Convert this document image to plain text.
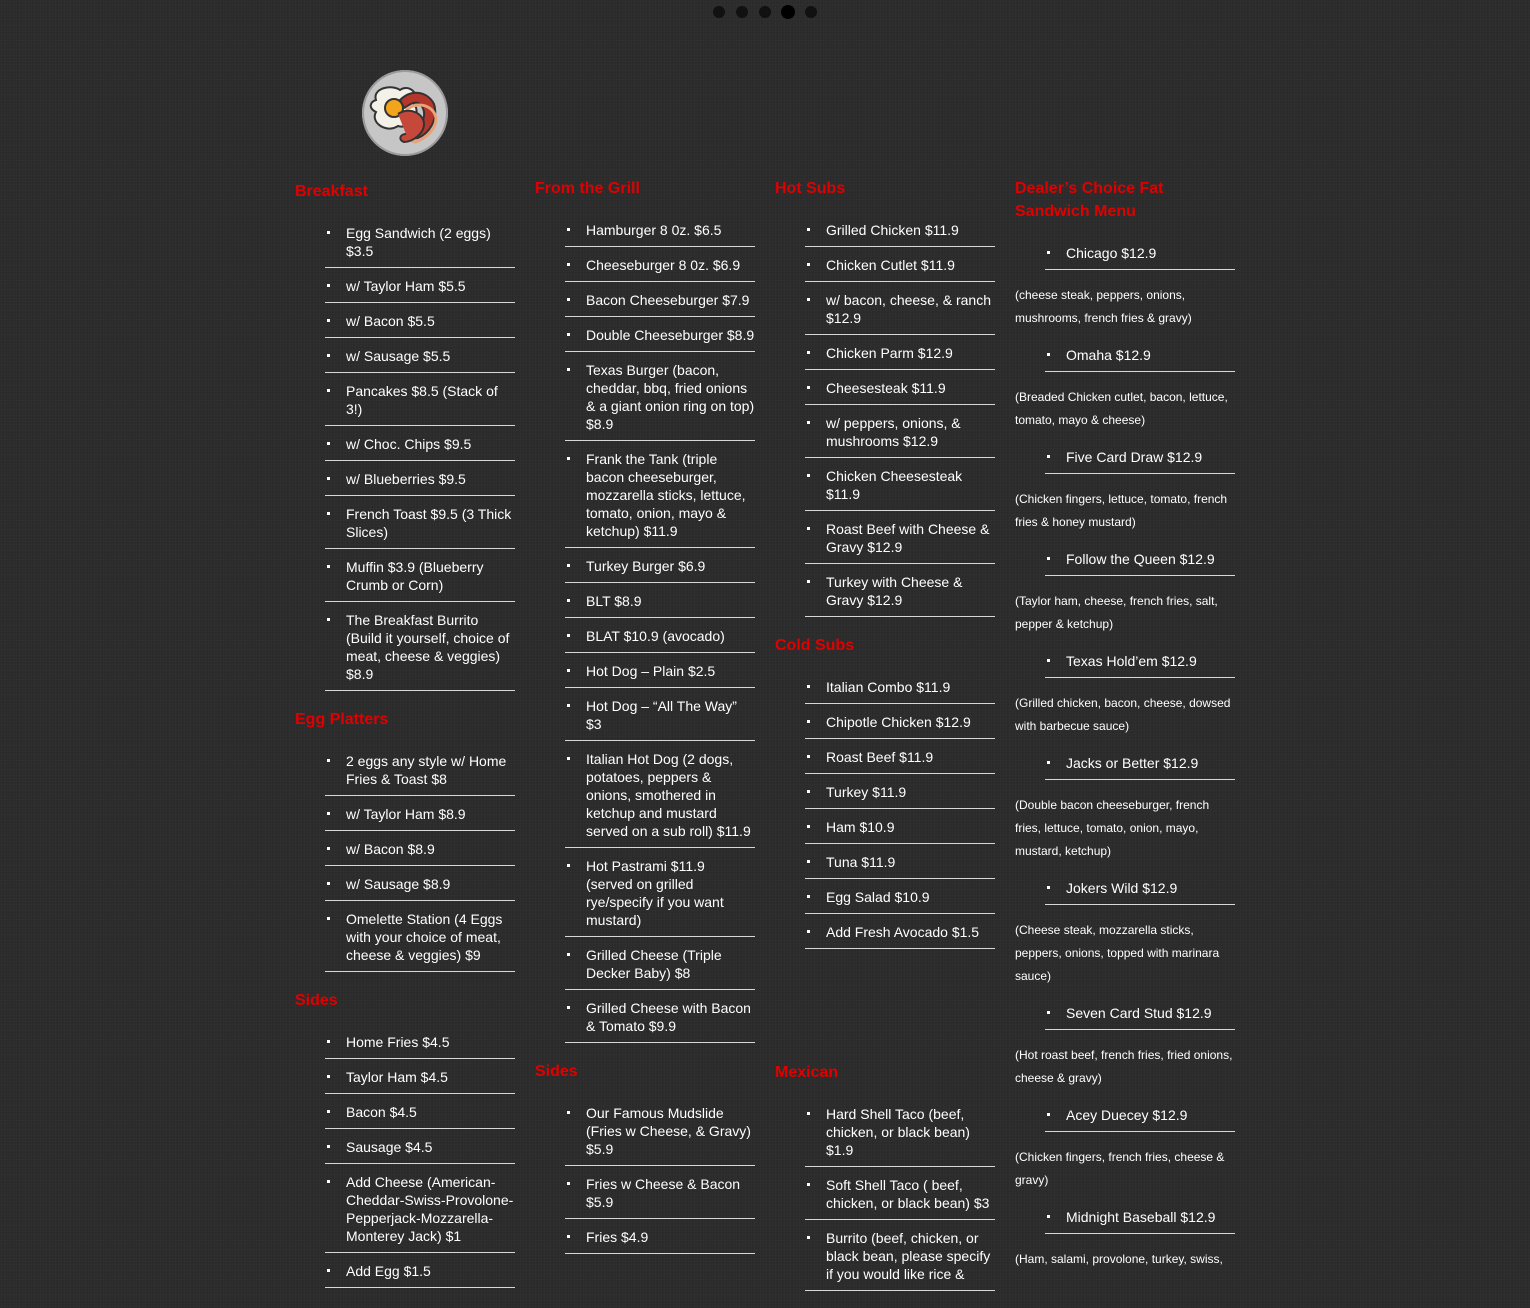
Breakfast
Egg Sandwich (2 eggs) $3.5
w/ Taylor Ham $5.5
w/ Bacon $5.5
w/ Sausage $5.5
Pancakes $8.5 (Stack of 3!)
w/ Choc. Chips $9.5
w/ Blueberries $9.5
French Toast $9.5 (3 Thick Slices)
Muffin $3.9 (Blueberry Crumb or Corn)
The Breakfast Burrito (Build it yourself, choice of meat, cheese & veggies) $8.9
Egg Platters
2 eggs any style w/ Home Fries & Toast $8
w/ Taylor Ham $8.9
w/ Bacon $8.9
w/ Sausage $8.9
Omelette Station (4 Eggs with your choice of meat, cheese & veggies) $9
Sides
Home Fries $4.5
Taylor Ham $4.5
Bacon $4.5
Sausage $4.5
Add Cheese (American-Cheddar-Swiss-Provolone-Pepperjack-Mozzarella-Monterey Jack) $1
Add Egg $1.5
From the Grill
Hamburger 8 0z. $6.5
Cheeseburger 8 0z. $6.9
Bacon Cheeseburger $7.9
Double Cheeseburger $8.9
Texas Burger (bacon, cheddar, bbq, fried onions & a giant onion ring on top) $8.9
Frank the Tank (triple bacon cheeseburger, mozzarella sticks, lettuce, tomato, onion, mayo & ketchup) $11.9
Turkey Burger $6.9
BLT $8.9
BLAT $10.9 (avocado)
Hot Dog – Plain $2.5
Hot Dog – “All The Way” $3
Italian Hot Dog (2 dogs, potatoes, peppers & onions, smothered in ketchup and mustard served on a sub roll) $11.9
Hot Pastrami $11.9 (served on grilled rye/specify if you want mustard)
Grilled Cheese (Triple Decker Baby) $8
Grilled Cheese with Bacon & Tomato $9.9
Sides
Our Famous Mudslide (Fries w Cheese, & Gravy) $5.9
Fries w Cheese & Bacon $5.9
Fries $4.9
Hot Subs
Grilled Chicken $11.9
Chicken Cutlet $11.9
w/ bacon, cheese, & ranch $12.9
Chicken Parm $12.9
Cheesesteak $11.9
w/ peppers, onions, & mushrooms $12.9
Chicken Cheesesteak $11.9
Roast Beef with Cheese & Gravy $12.9
Turkey with Cheese & Gravy $12.9
Cold Subs
Italian Combo $11.9
Chipotle Chicken $12.9
Roast Beef $11.9
Turkey $11.9
Ham $10.9
Tuna $11.9
Egg Salad $10.9
Add Fresh Avocado $1.5
Mexican
Hard Shell Taco (beef, chicken, or black bean) $1.9
Soft Shell Taco ( beef, chicken, or black bean) $3
Burrito (beef, chicken, or black bean, please specify if you would like rice &
Dealer’s Choice Fat Sandwich Menu
Chicago $12.9

(cheese steak, peppers, onions, mushrooms, french fries & gravy)

Omaha $12.9

(Breaded Chicken cutlet, bacon, lettuce, tomato, mayo & cheese)

Five Card Draw $12.9

(Chicken fingers, lettuce, tomato, french fries & honey mustard)

Follow the Queen $12.9

(Taylor ham, cheese, french fries, salt, pepper & ketchup)

Texas Hold’em $12.9

(Grilled chicken, bacon, cheese, dowsed with barbecue sauce)

Jacks or Better $12.9

(Double bacon cheeseburger, french fries, lettuce, tomato, onion, mayo, mustard, ketchup)

Jokers Wild $12.9

(Cheese steak, mozzarella sticks, peppers, onions, topped with marinara sauce)

Seven Card Stud $12.9

(Hot roast beef, french fries, fried onions, cheese & gravy)

Acey Duecey $12.9

(Chicken fingers, french fries, cheese & gravy)

Midnight Baseball $12.9

(Ham, salami, provolone, turkey, swiss,
